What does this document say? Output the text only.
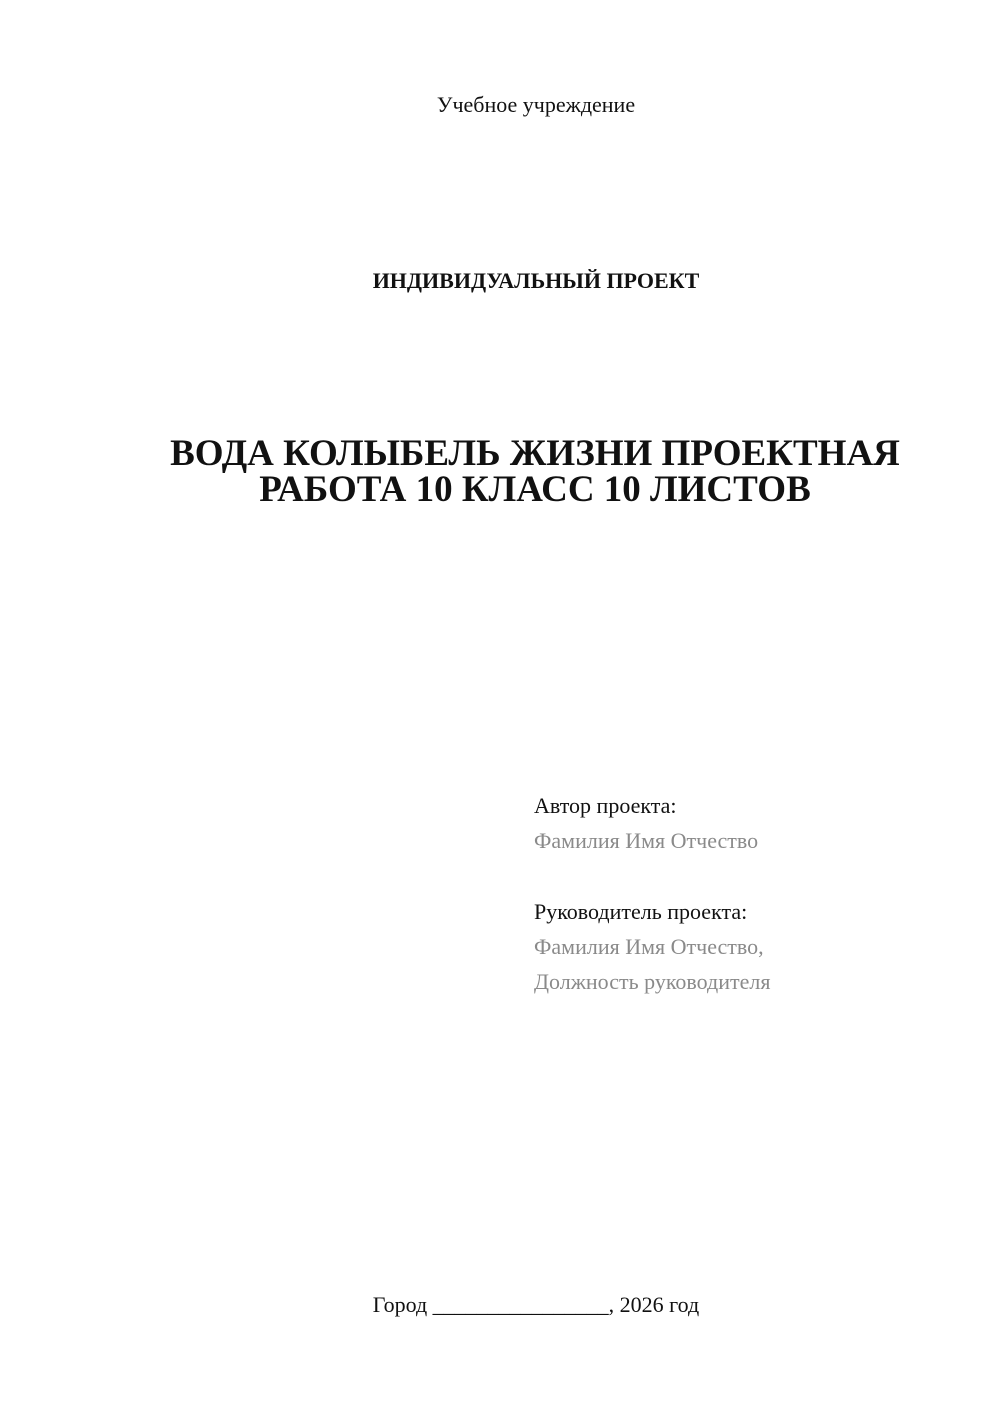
Учебное учреждение
ИНДИВИДУАЛЬНЫЙ ПРОЕКТ
ВОДА КОЛЫБЕЛЬ ЖИЗНИ ПРОЕКТНАЯ
РАБОТА 10 КЛАСС 10 ЛИСТОВ
Автор проекта:
Фамилия Имя Отчество
Руководитель проекта:
Фамилия Имя Отчество,
Должность руководителя
Город ________________, 2026 год
